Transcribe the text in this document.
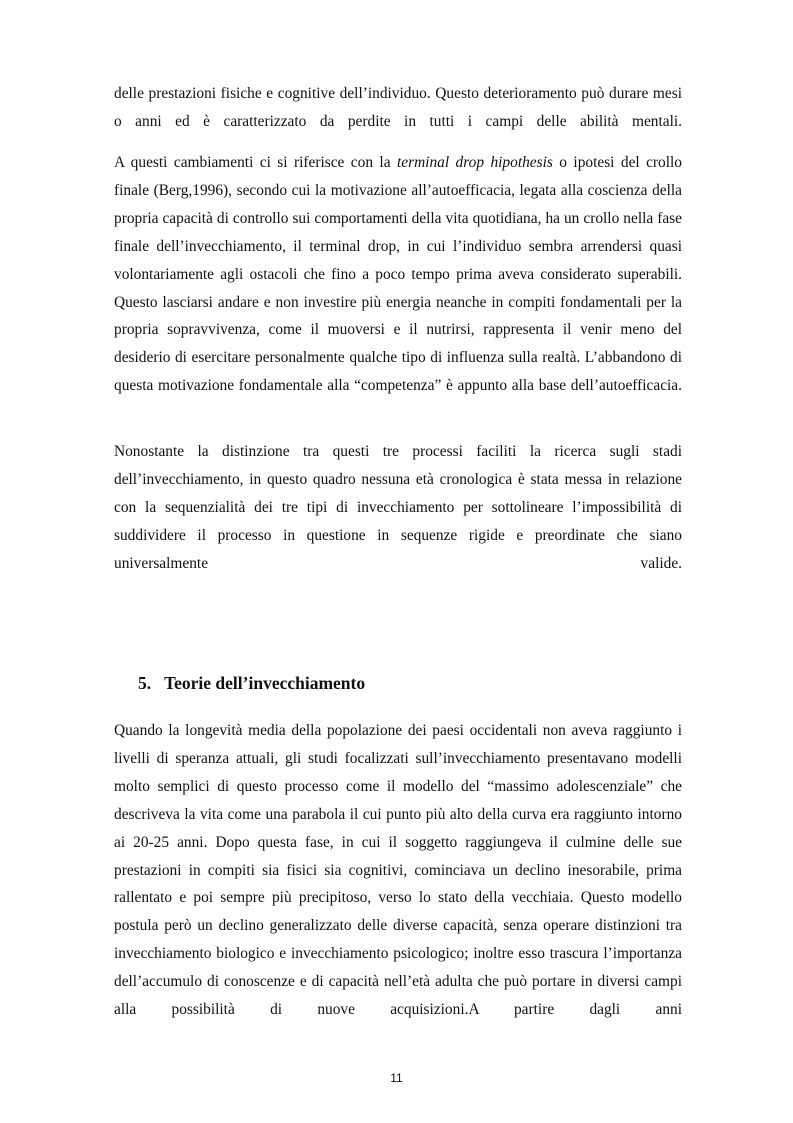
delle prestazioni fisiche e cognitive dell’individuo. Questo deterioramento può durare mesi o anni ed è caratterizzato da perdite in tutti i campi delle abilità mentali.

A questi cambiamenti ci si riferisce con la terminal drop hipothesis o ipotesi del crollo finale (Berg,1996), secondo cui la motivazione all’autoefficacia, legata alla coscienza della propria capacità di controllo sui comportamenti della vita quotidiana, ha un crollo nella fase finale dell’invecchiamento, il terminal drop, in cui l’individuo sembra arrendersi quasi volontariamente agli ostacoli che fino a poco tempo prima aveva considerato superabili. Questo lasciarsi andare e non investire più energia neanche in compiti fondamentali per la propria sopravvivenza, come il muoversi e il nutrirsi, rappresenta il venir meno del desiderio di esercitare personalmente qualche tipo di influenza sulla realtà. L’abbandono di questa motivazione fondamentale alla “competenza” è appunto alla base dell’autoefficacia.

Nonostante la distinzione tra questi tre processi faciliti la ricerca sugli stadi dell’invecchiamento, in questo quadro nessuna età cronologica è stata messa in relazione con la sequenzialità dei tre tipi di invecchiamento per sottolineare l’impossibilità di suddividere il processo in questione in sequenze rigide e preordinate che siano universalmente valide.

5. Teorie dell’invecchiamento

Quando la longevità media della popolazione dei paesi occidentali non aveva raggiunto i livelli di speranza attuali, gli studi focalizzati sull’invecchiamento presentavano modelli molto semplici di questo processo come il modello del “massimo adolescenziale” che descriveva la vita come una parabola il cui punto più alto della curva era raggiunto intorno ai 20-25 anni. Dopo questa fase, in cui il soggetto raggiungeva il culmine delle sue prestazioni in compiti sia fisici sia cognitivi, cominciava un declino inesorabile, prima rallentato e poi sempre più precipitoso, verso lo stato della vecchiaia. Questo modello postula però un declino generalizzato delle diverse capacità, senza operare distinzioni tra invecchiamento biologico e invecchiamento psicologico; inoltre esso trascura l’importanza dell’accumulo di conoscenze e di capacità nell’età adulta che può portare in diversi campi alla possibilità di nuove acquisizioni.A partire dagli anni

11
